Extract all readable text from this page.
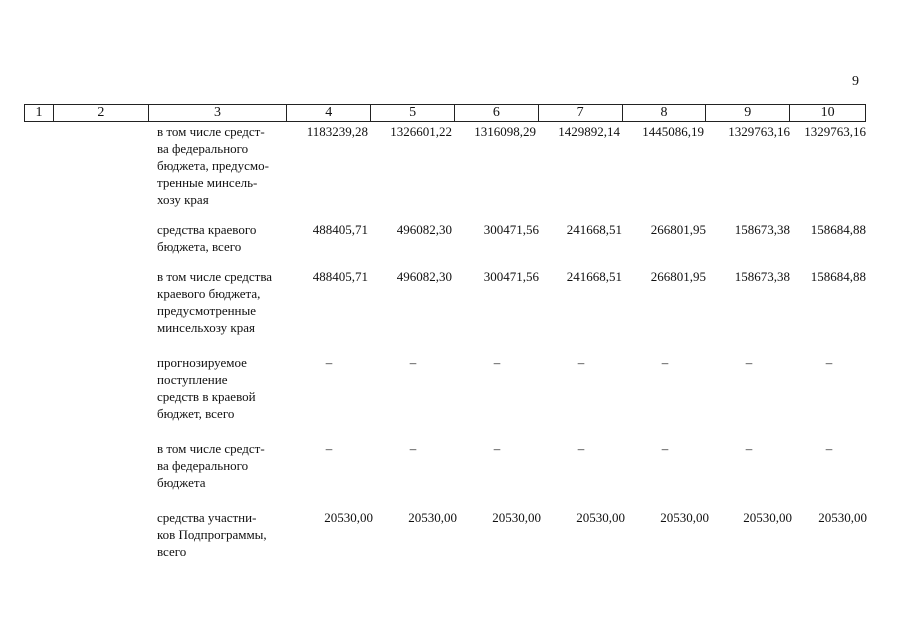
9
1	2	3	4	5	6	7	8	9	10
в том числе средст-
ва федерального
бюджета, предусмо-
тренные минсель-
хозу края
1183239,28	1326601,22	1316098,29	1429892,14	1445086,19	1329763,16	1329763,16
средства краевого
бюджета, всего
488405,71	496082,30	300471,56	241668,51	266801,95	158673,38	158684,88
в том числе средства
краевого бюджета,
предусмотренные
минсельхозу края
488405,71	496082,30	300471,56	241668,51	266801,95	158673,38	158684,88
прогнозируемое
поступление
средств в краевой
бюджет, всего
–	–	–	–	–	–	–
в том числе средст-
ва федерального
бюджета
–	–	–	–	–	–	–
средства участни-
ков Подпрограммы,
всего
20530,00	20530,00	20530,00	20530,00	20530,00	20530,00	20530,00
